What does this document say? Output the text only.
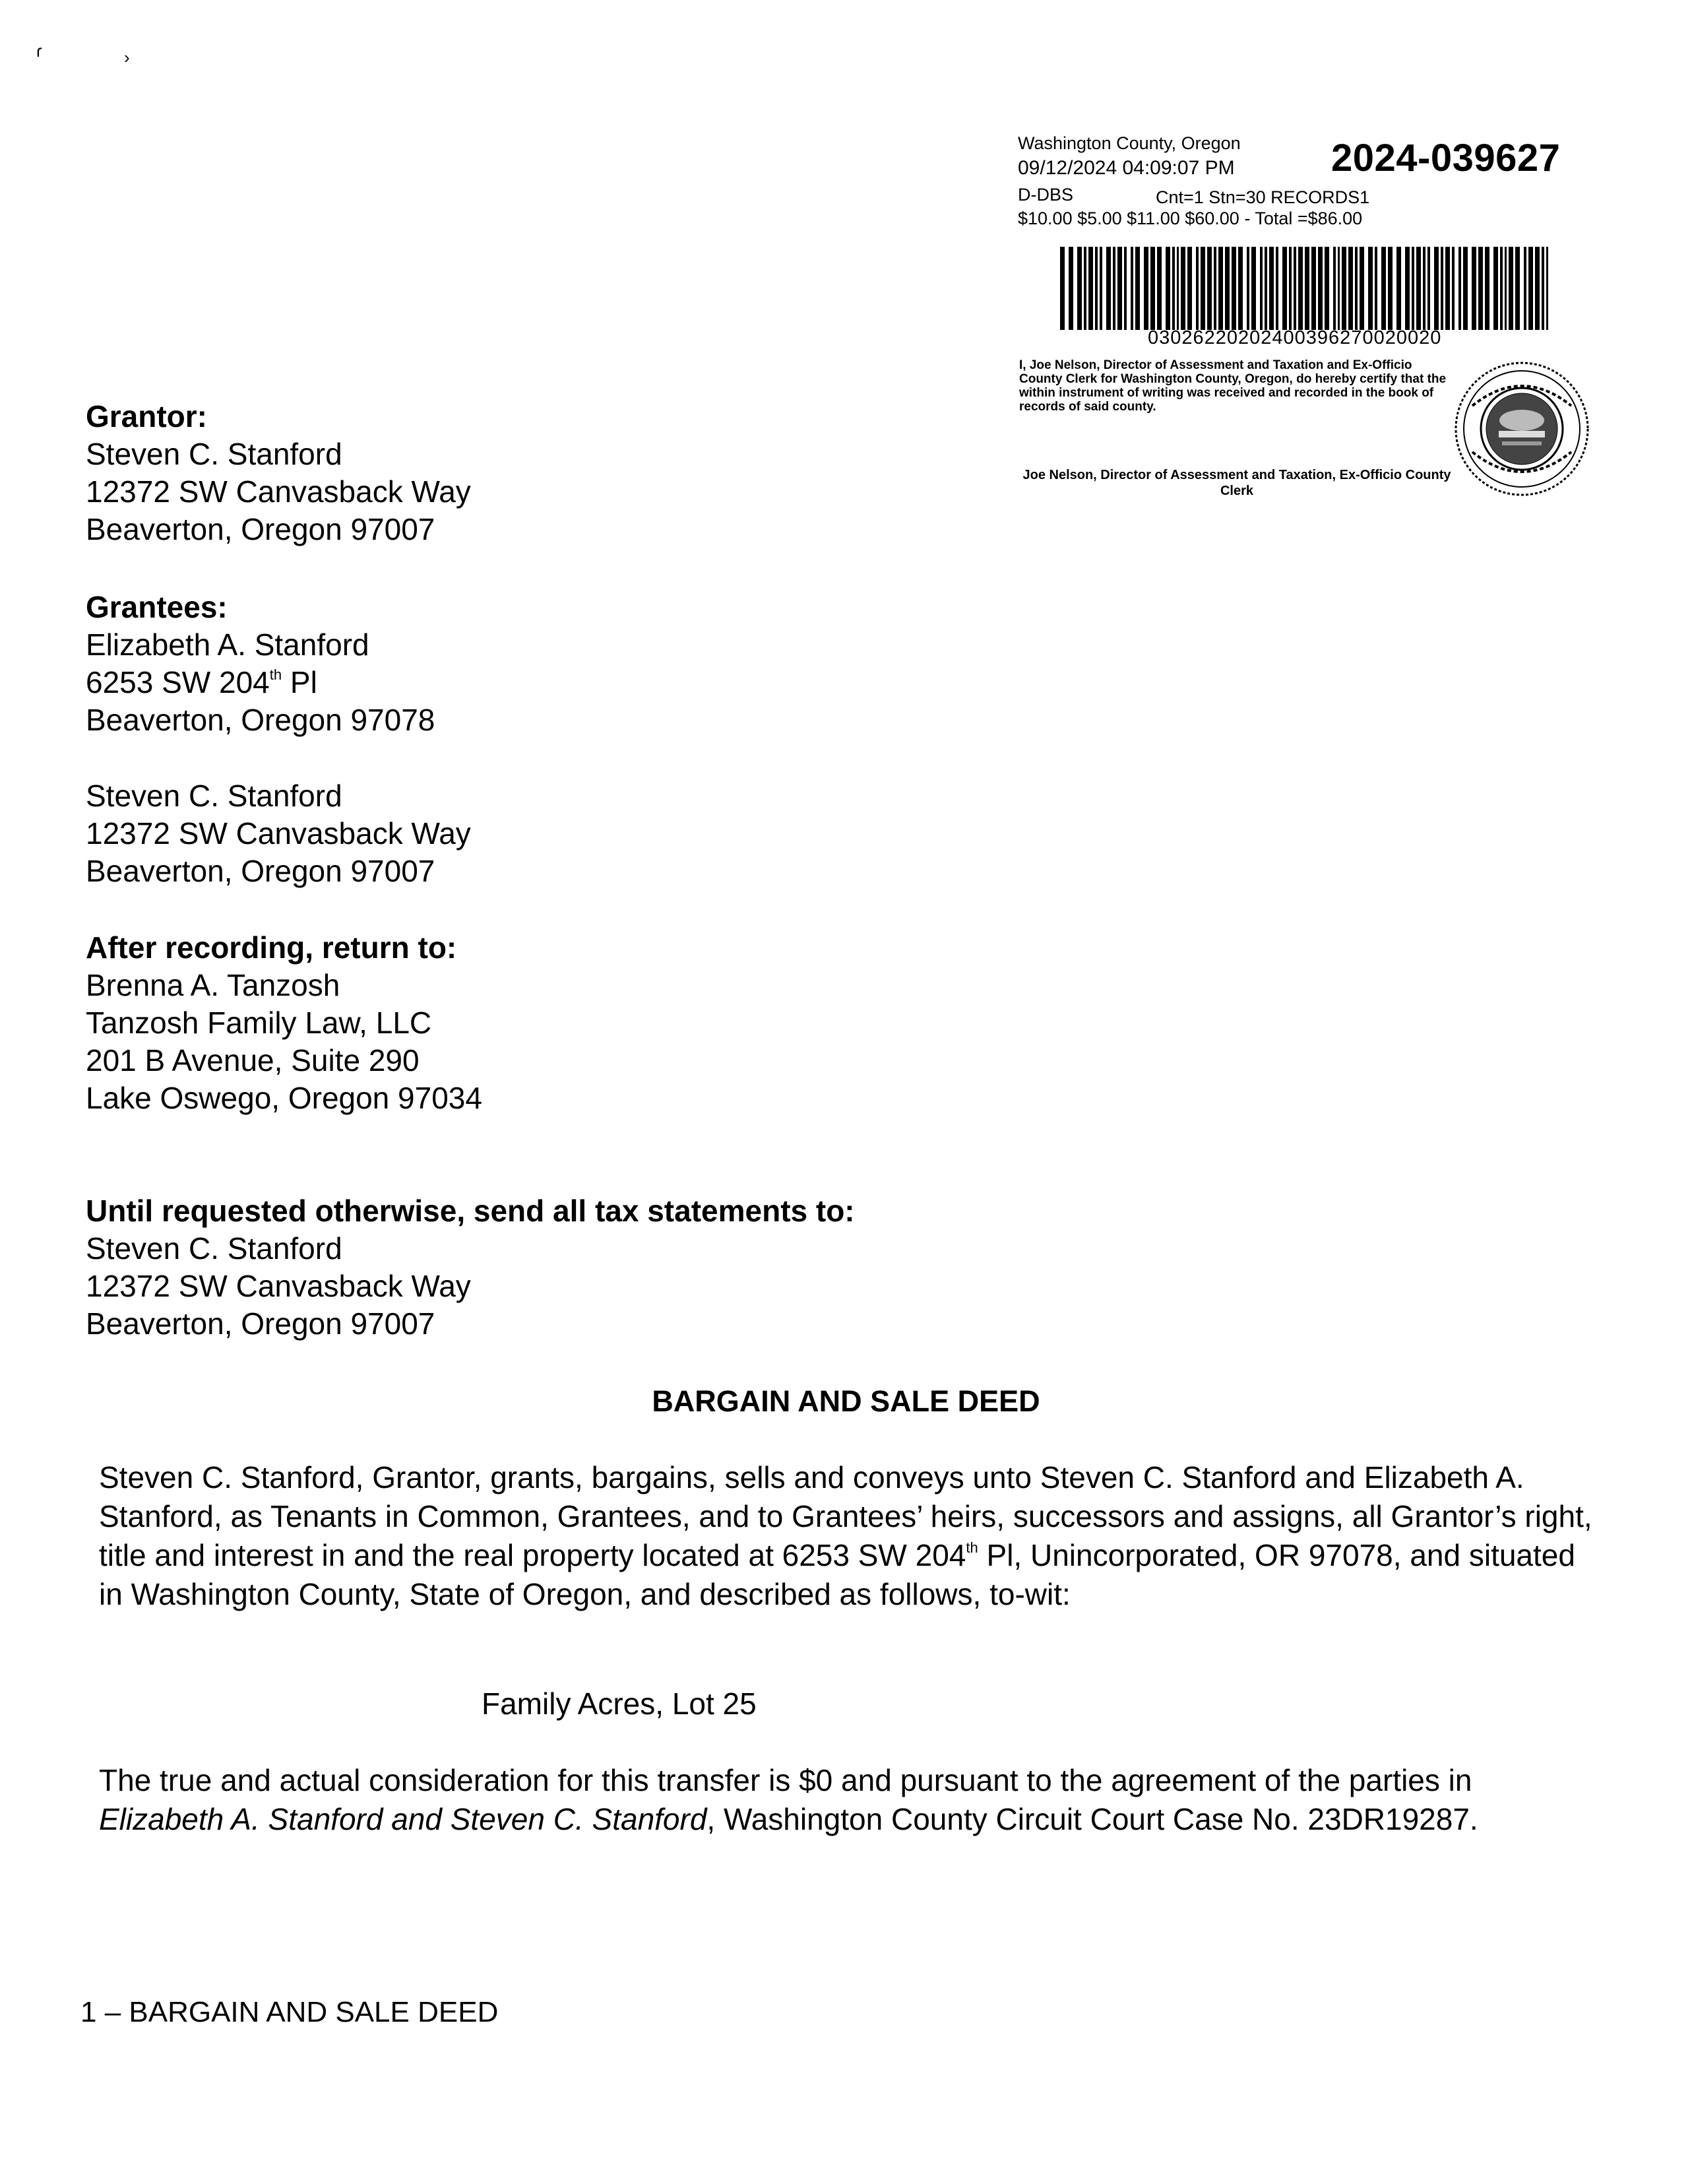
ɾ	›
Washington County, Oregon
09/12/2024 04:09:07 PM	2024-039627
D-DBS	Cnt=1 Stn=30 RECORDS1
$10.00 $5.00 $11.00 $60.00 - Total =$86.00
03026220202400396270020020
I, Joe Nelson, Director of Assessment and Taxation and Ex-Officio County Clerk for Washington County, Oregon, do hereby certify that the within instrument of writing was received and recorded in the book of records of said county.
Joe Nelson, Director of Assessment and Taxation, Ex-Officio County Clerk
Grantor:
Steven C. Stanford
12372 SW Canvasback Way
Beaverton, Oregon 97007
Grantees:
Elizabeth A. Stanford
6253 SW 204th Pl
Beaverton, Oregon 97078
Steven C. Stanford
12372 SW Canvasback Way
Beaverton, Oregon 97007
After recording, return to:
Brenna A. Tanzosh
Tanzosh Family Law, LLC
201 B Avenue, Suite 290
Lake Oswego, Oregon 97034
Until requested otherwise, send all tax statements to:
Steven C. Stanford
12372 SW Canvasback Way
Beaverton, Oregon 97007
BARGAIN AND SALE DEED
Steven C. Stanford, Grantor, grants, bargains, sells and conveys unto Steven C. Stanford and Elizabeth A. Stanford, as Tenants in Common, Grantees, and to Grantees’ heirs, successors and assigns, all Grantor’s right, title and interest in and the real property located at 6253 SW 204th Pl, Unincorporated, OR 97078, and situated in Washington County, State of Oregon, and described as follows, to-wit:
Family Acres, Lot 25
The true and actual consideration for this transfer is $0 and pursuant to the agreement of the parties in Elizabeth A. Stanford and Steven C. Stanford, Washington County Circuit Court Case No. 23DR19287.
1 – BARGAIN AND SALE DEED
